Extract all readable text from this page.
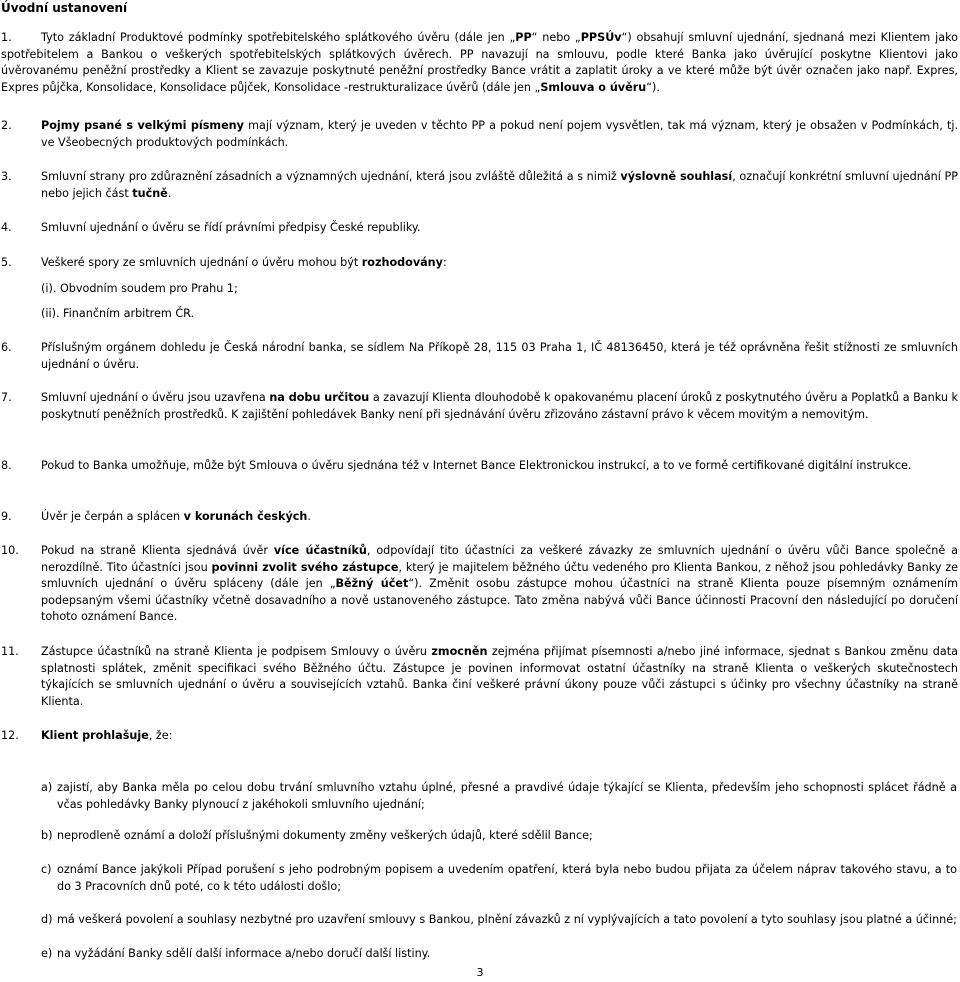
Úvodní ustanovení
1.	Tyto základní Produktové podmínky spotřebitelského splátkového úvěru (dále jen „PP“ nebo „PPSÚv“) obsahují smluvní ujednání, sjednaná mezi Klientem jako spotřebitelem a Bankou o veškerých spotřebitelských splátkových úvěrech. PP navazují na smlouvu, podle které Banka jako úvěrující poskytne Klientovi jako úvěrovanému peněžní prostředky a Klient se zavazuje poskytnuté peněžní prostředky Bance vrátit a zaplatit úroky a ve které může být úvěr označen jako např. Expres, Expres půjčka, Konsolidace, Konsolidace půjček, Konsolidace -restrukturalizace úvěrů (dále jen „Smlouva o úvěru“).
2.	Pojmy psané s velkými písmeny mají význam, který je uveden v těchto PP a pokud není pojem vysvětlen, tak má význam, který je obsažen v Podmínkách, tj. ve Všeobecných produktových podmínkách.
3.	Smluvní strany pro zdůraznění zásadních a významných ujednání, která jsou zvláště důležitá a s nimiž výslovně souhlasí, označují konkrétní smluvní ujednání PP nebo jejich část tučně.
4.	Smluvní ujednání o úvěru se řídí právními předpisy České republiky.
5.	Veškeré spory ze smluvních ujednání o úvěru mohou být rozhodovány:
(i). Obvodním soudem pro Prahu 1;
(ii). Finančním arbitrem ČR.
6.	Příslušným orgánem dohledu je Česká národní banka, se sídlem Na Příkopě 28, 115 03 Praha 1, IČ 48136450, která je též oprávněna řešit stížnosti ze smluvních ujednání o úvěru.
7.	Smluvní ujednání o úvěru jsou uzavřena na dobu určitou a zavazují Klienta dlouhodobě k opakovanému placení úroků z poskytnutého úvěru a Poplatků a Banku k poskytnutí peněžních prostředků. K zajištění pohledávek Banky není při sjednávání úvěru zřizováno zástavní právo k věcem movitým a nemovitým.
8.	Pokud to Banka umožňuje, může být Smlouva o úvěru sjednána též v Internet Bance Elektronickou instrukcí, a to ve formě certifikované digitální instrukce.
9.	Úvěr je čerpán a splácen v korunách českých.
10. Pokud na straně Klienta sjednává úvěr více účastníků, odpovídají tito účastníci za veškeré závazky ze smluvních ujednání o úvěru vůči Bance společně a nerozdílně. Tito účastníci jsou povinni zvolit svého zástupce, který je majitelem běžného účtu vedeného pro Klienta Bankou, z něhož jsou pohledávky Banky ze smluvních ujednání o úvěru spláceny (dále jen „Běžný účet“). Změnit osobu zástupce mohou účastníci na straně Klienta pouze písemným oznámením podepsaným všemi účastníky včetně dosavadního a nově ustanoveného zástupce. Tato změna nabývá vůči Bance účinnosti Pracovní den následující po doručení tohoto oznámení Bance.
11. Zástupce účastníků na straně Klienta je podpisem Smlouvy o úvěru zmocněn zejména přijímat písemnosti a/nebo jiné informace, sjednat s Bankou změnu data splatnosti splátek, změnit specifikaci svého Běžného účtu. Zástupce je povinen informovat ostatní účastníky na straně Klienta o veškerých skutečnostech týkajících se smluvních ujednání o úvěru a souvisejících vztahů. Banka činí veškeré právní úkony pouze vůči zástupci s účinky pro všechny účastníky na straně Klienta.
12. Klient prohlašuje, že:
a) zajistí, aby Banka měla po celou dobu trvání smluvního vztahu úplné, přesné a pravdivé údaje týkající se Klienta, především jeho schopnosti splácet řádně a včas pohledávky Banky plynoucí z jakéhokoli smluvního ujednání;
b) neprodleně oznámí a doloží příslušnými dokumenty změny veškerých údajů, které sdělil Bance;
c) oznámí Bance jakýkoli Případ porušení s jeho podrobným popisem a uvedením opatření, která byla nebo budou přijata za účelem náprav takového stavu, a to do 3 Pracovních dnů poté, co k této události došlo;
d) má veškerá povolení a souhlasy nezbytné pro uzavření smlouvy s Bankou, plnění závazků z ní vyplývajících a tato povolení a tyto souhlasy jsou platné a účinné;
e) na vyžádání Banky sdělí další informace a/nebo doručí další listiny.
3
